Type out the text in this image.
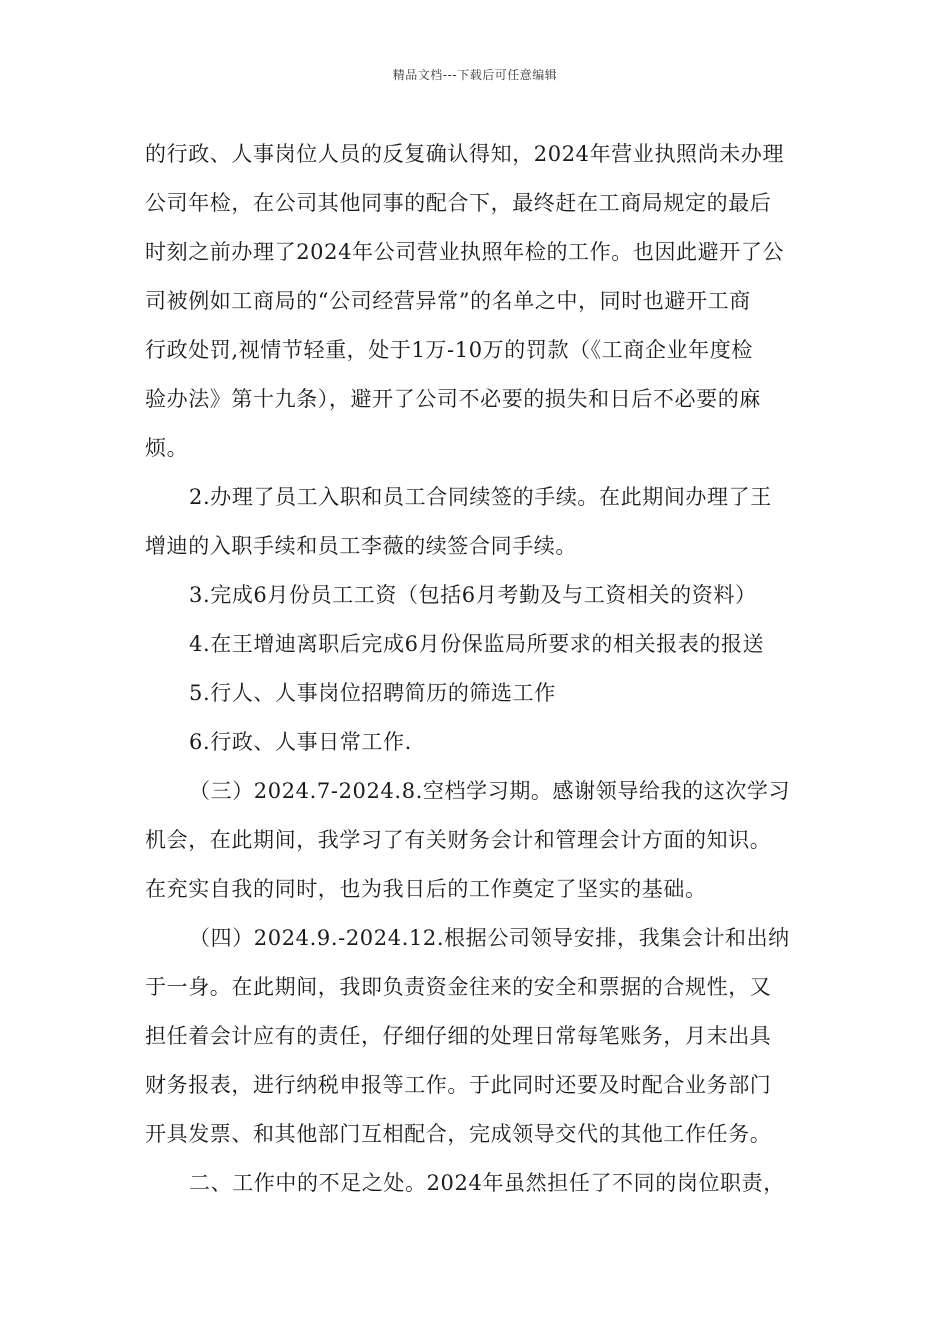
精品文档---下载后可任意编辑
的行政、人事岗位人员的反复确认得知，2024年营业执照尚未办理
公司年检，在公司其他同事的配合下，最终赶在工商局规定的最后
时刻之前办理了2024年公司营业执照年检的工作。也因此避开了公
司被例如工商局的“公司经营异常”的名单之中，同时也避开工商
行政处罚,视情节轻重，处于1万-10万的罚款（《工商企业年度检
验办法》第十九条），避开了公司不必要的损失和日后不必要的麻
烦。
2.办理了员工入职和员工合同续签的手续。在此期间办理了王
增迪的入职手续和员工李薇的续签合同手续。
3.完成6月份员工工资（包括6月考勤及与工资相关的资料）
4.在王增迪离职后完成6月份保监局所要求的相关报表的报送
5.行人、人事岗位招聘简历的筛选工作
6.行政、人事日常工作.
（三）2024.7-2024.8.空档学习期。感谢领导给我的这次学习
机会，在此期间，我学习了有关财务会计和管理会计方面的知识。
在充实自我的同时，也为我日后的工作奠定了坚实的基础。
（四）2024.9.-2024.12.根据公司领导安排，我集会计和出纳
于一身。在此期间，我即负责资金往来的安全和票据的合规性，又
担任着会计应有的责任，仔细仔细的处理日常每笔账务，月末出具
财务报表，进行纳税申报等工作。于此同时还要及时配合业务部门
开具发票、和其他部门互相配合，完成领导交代的其他工作任务。
二、工作中的不足之处。2024年虽然担任了不同的岗位职责，
